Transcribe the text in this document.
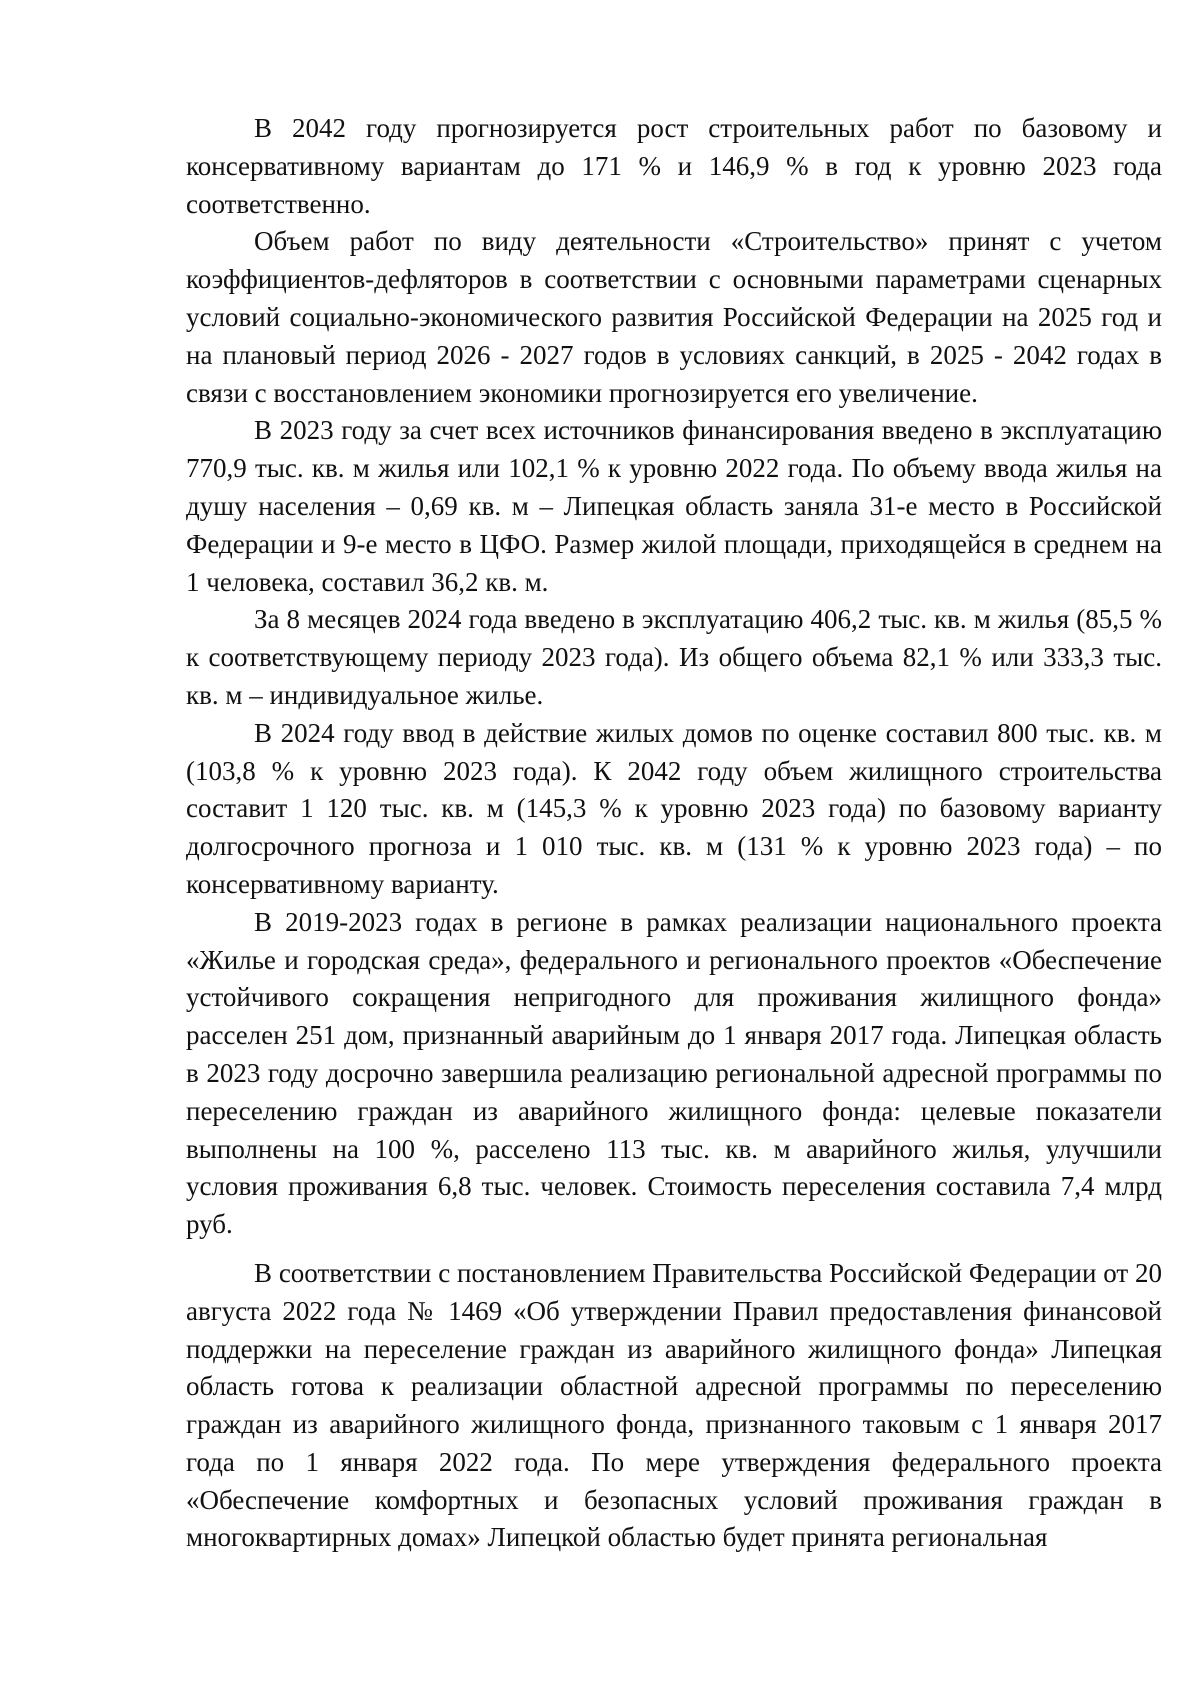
В 2042 году прогнозируется рост строительных работ по базовому и консервативному вариантам до 171 % и 146,9 % в год к уровню 2023 года соответственно.

Объем работ по виду деятельности «Строительство» принят с учетом коэффициентов-дефляторов в соответствии с основными параметрами сценарных условий социально-экономического развития Российской Федерации на 2025 год и на плановый период 2026 - 2027 годов в условиях санкций, в 2025 - 2042 годах в связи с восстановлением экономики прогнозируется его увеличение.

В 2023 году за счет всех источников финансирования введено в эксплуатацию 770,9 тыс. кв. м жилья или 102,1 % к уровню 2022 года. По объему ввода жилья на душу населения – 0,69 кв. м – Липецкая область заняла 31-е место в Российской Федерации и 9-е место в ЦФО. Размер жилой площади, приходящейся в среднем на 1 человека, составил 36,2 кв. м.

За 8 месяцев 2024 года введено в эксплуатацию 406,2 тыс. кв. м жилья (85,5 % к соответствующему периоду 2023 года). Из общего объема 82,1 % или 333,3 тыс. кв. м – индивидуальное жилье.

В 2024 году ввод в действие жилых домов по оценке составил 800 тыс. кв. м (103,8 % к уровню 2023 года). К 2042 году объем жилищного строительства составит 1 120 тыс. кв. м (145,3 % к уровню 2023 года) по базовому варианту долгосрочного прогноза и 1 010 тыс. кв. м (131 % к уровню 2023 года) – по консервативному варианту.

В 2019-2023 годах в регионе в рамках реализации национального проекта «Жилье и городская среда», федерального и регионального проектов «Обеспечение устойчивого сокращения непригодного для проживания жилищного фонда» расселен 251 дом, признанный аварийным до 1 января 2017 года. Липецкая область в 2023 году досрочно завершила реализацию региональной адресной программы по переселению граждан из аварийного жилищного фонда: целевые показатели выполнены на 100 %, расселено 113 тыс. кв. м аварийного жилья, улучшили условия проживания 6,8 тыс. человек. Стоимость переселения составила 7,4 млрд руб.

В соответствии с постановлением Правительства Российской Федерации от 20 августа 2022 года № 1469 «Об утверждении Правил предоставления финансовой поддержки на переселение граждан из аварийного жилищного фонда» Липецкая область готова к реализации областной адресной программы по переселению граждан из аварийного жилищного фонда, признанного таковым с 1 января 2017 года по 1 января 2022 года. По мере утверждения федерального проекта «Обеспечение комфортных и безопасных условий проживания граждан в многоквартирных домах» Липецкой областью будет принята региональная
